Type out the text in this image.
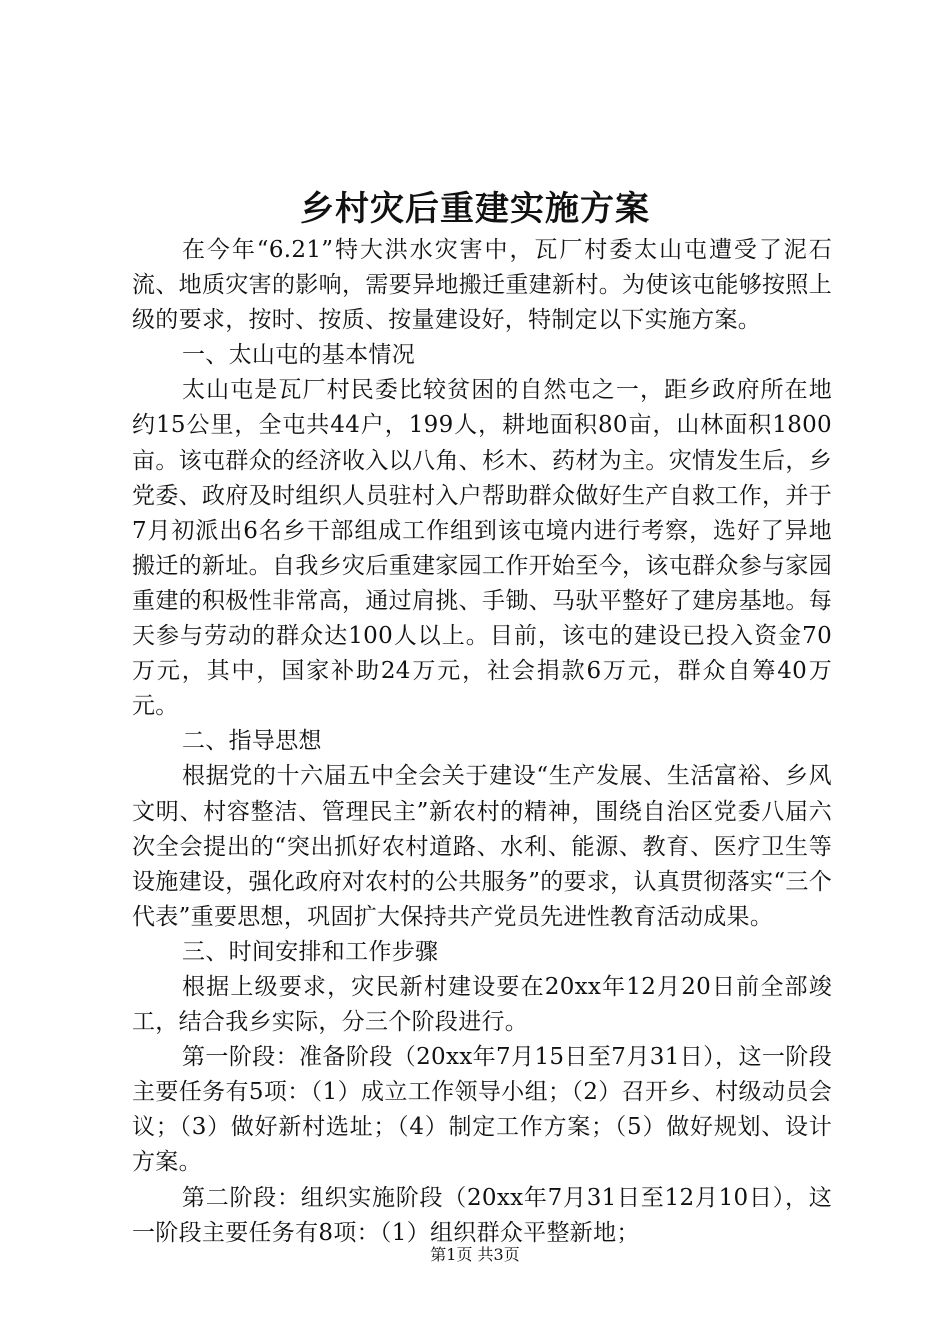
乡村灾后重建实施方案

在今年“6.21”特大洪水灾害中，瓦厂村委太山屯遭受了泥石流、地质灾害的影响，需要异地搬迁重建新村。为使该屯能够按照上级的要求，按时、按质、按量建设好，特制定以下实施方案。

一、太山屯的基本情况

太山屯是瓦厂村民委比较贫困的自然屯之一，距乡政府所在地约15公里，全屯共44户，199人，耕地面积80亩，山林面积1800亩。该屯群众的经济收入以八角、杉木、药材为主。灾情发生后，乡党委、政府及时组织人员驻村入户帮助群众做好生产自救工作，并于7月初派出6名乡干部组成工作组到该屯境内进行考察，选好了异地搬迁的新址。自我乡灾后重建家园工作开始至今，该屯群众参与家园重建的积极性非常高，通过肩挑、手锄、马驮平整好了建房基地。每天参与劳动的群众达100人以上。目前，该屯的建设已投入资金70万元，其中，国家补助24万元，社会捐款6万元，群众自筹40万元。

二、指导思想

根据党的十六届五中全会关于建设“生产发展、生活富裕、乡风文明、村容整洁、管理民主”新农村的精神，围绕自治区党委八届六次全会提出的“突出抓好农村道路、水利、能源、教育、医疗卫生等设施建设，强化政府对农村的公共服务”的要求，认真贯彻落实“三个代表”重要思想，巩固扩大保持共产党员先进性教育活动成果。

三、时间安排和工作步骤

根据上级要求，灾民新村建设要在20xx年12月20日前全部竣工，结合我乡实际，分三个阶段进行。

第一阶段：准备阶段（20xx年7月15日至7月31日），这一阶段主要任务有5项：（1）成立工作领导小组；（2）召开乡、村级动员会议；（3）做好新村选址；（4）制定工作方案；（5）做好规划、设计方案。

第二阶段：组织实施阶段（20xx年7月31日至12月10日），这一阶段主要任务有8项：（1）组织群众平整新地；

第1页 共3页
